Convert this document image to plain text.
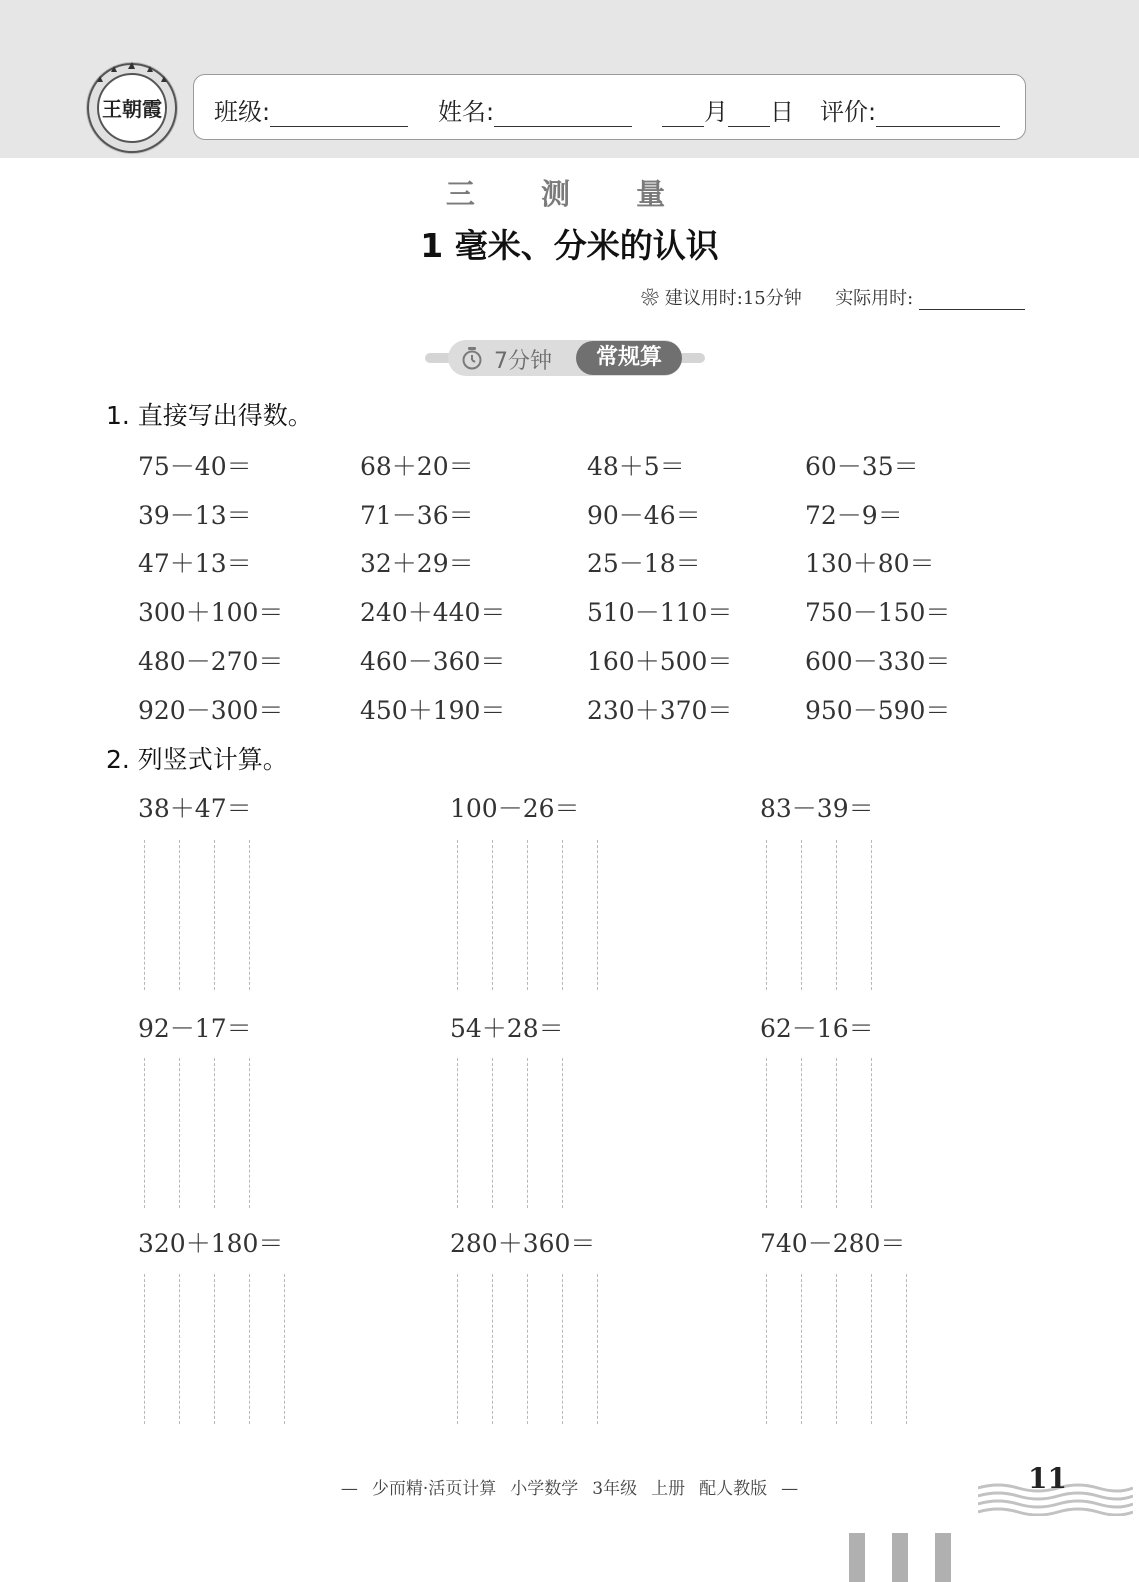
王朝霞 班级:	姓名:	月 日 评价:
三 测 量
1 毫米、分米的认识
❀ 建议用时:15分钟 实际用时:
7分钟	常规算
1. 直接写出得数。
75－40＝	68＋20＝	48＋5＝	60－35＝
39－13＝	71－36＝	90－46＝	72－9＝
47＋13＝	32＋29＝	25－18＝	130＋80＝
300＋100＝	240＋440＝	510－110＝	750－150＝
480－270＝	460－360＝	160＋500＝	600－330＝
920－300＝	450＋190＝	230＋370＝	950－590＝
2. 列竖式计算。
38＋47＝	100－26＝	83－39＝
92－17＝	54＋28＝	62－16＝
320＋180＝	280＋360＝	740－280＝
— 少而精·活页计算 小学数学 3年级 上册 配人教版 —	11
